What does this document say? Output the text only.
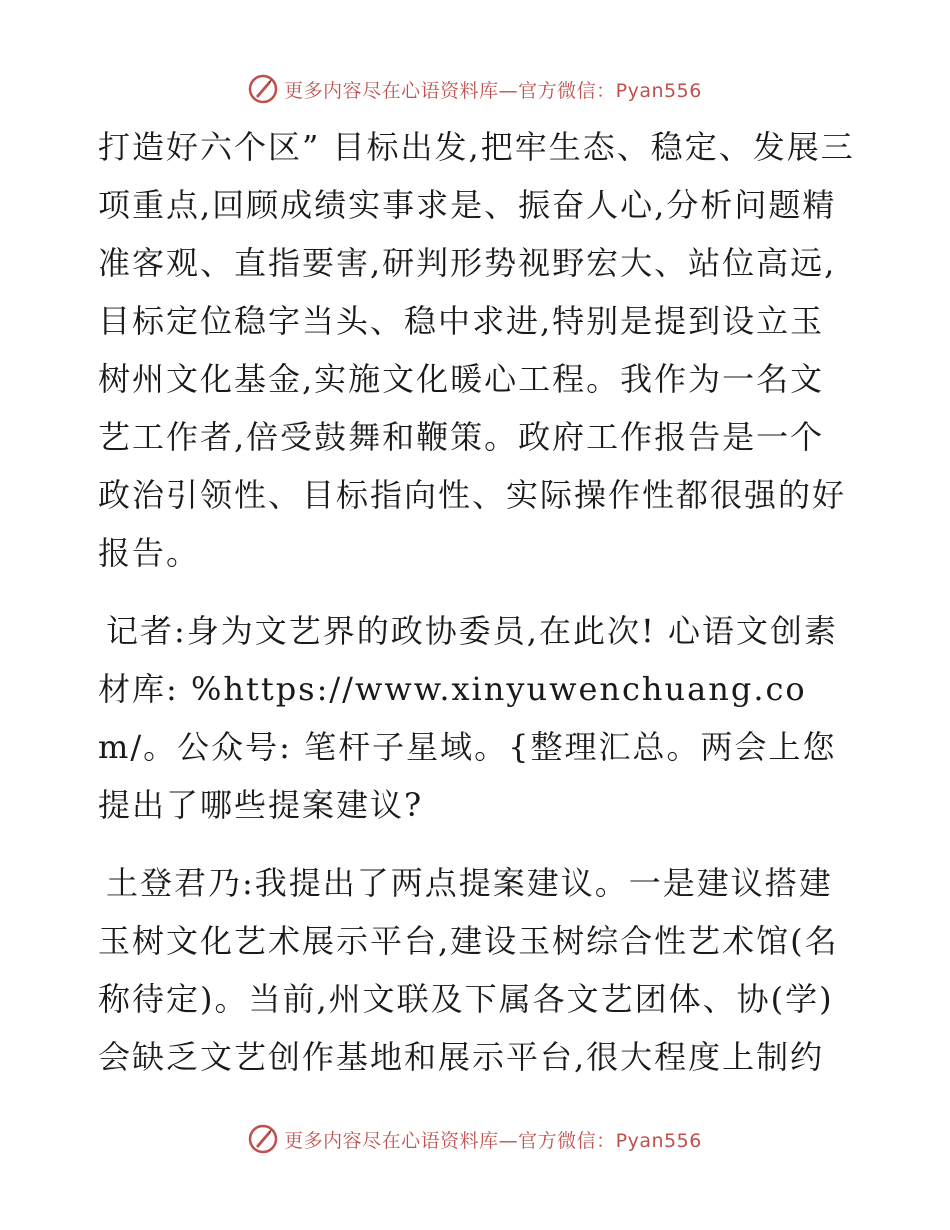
更多内容尽在心语资料库—官方微信：Pyan556

打造好六个区” 目标出发,把牢生态、稳定、发展三项重点,回顾成绩实事求是、振奋人心,分析问题精准客观、直指要害,研判形势视野宏大、站位高远,目标定位稳字当头、稳中求进,特别是提到设立玉树州文化基金,实施文化暖心工程。我作为一名文艺工作者,倍受鼓舞和鞭策。政府工作报告是一个政治引领性、目标指向性、实际操作性都很强的好报告。

记者:身为文艺界的政协委员,在此次! 心语文创素材库: %https://www.xinyuwenchuang.com/。公众号: 笔杆子星域。{整理汇总。两会上您提出了哪些提案建议?

土登君乃:我提出了两点提案建议。一是建议搭建玉树文化艺术展示平台,建设玉树综合性艺术馆(名称待定)。当前,州文联及下属各文艺团体、协(学)会缺乏文艺创作基地和展示平台,很大程度上制约

更多内容尽在心语资料库—官方微信：Pyan556
